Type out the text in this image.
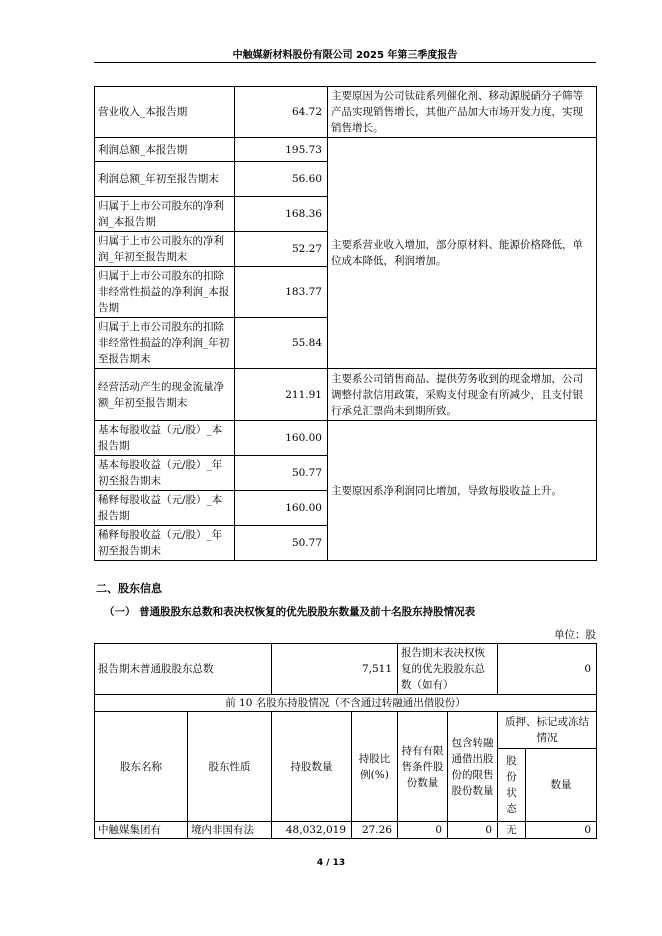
中触媒新材料股份有限公司 2025 年第三季度报告
营业收入_本报告期	64.72	主要原因为公司钛硅系列催化剂、移动源脱硝分子筛等产品实现销售增长，其他产品加大市场开发力度，实现销售增长。
利润总额_本报告期	195.73	主要系营业收入增加，部分原材料、能源价格降低，单位成本降低，利润增加。
利润总额_年初至报告期末	56.60	
归属于上市公司股东的净利润_本报告期	168.36	
归属于上市公司股东的净利润_年初至报告期末	52.27	
归属于上市公司股东的扣除非经常性损益的净利润_本报告期	183.77	
归属于上市公司股东的扣除非经常性损益的净利润_年初至报告期末	55.84	
经营活动产生的现金流量净额_年初至报告期末	211.91	主要系公司销售商品、提供劳务收到的现金增加，公司调整付款信用政策，采购支付现金有所减少，且支付银行承兑汇票尚未到期所致。
基本每股收益（元/股）_本报告期	160.00	主要原因系净利润同比增加，导致每股收益上升。
基本每股收益（元/股）_年初至报告期末	50.77	
稀释每股收益（元/股）_本报告期	160.00	
稀释每股收益（元/股）_年初至报告期末	50.77	
二、股东信息
（一） 普通股股东总数和表决权恢复的优先股股东数量及前十名股东持股情况表
单位：股
报告期末普通股股东总数		7,511		报告期末表决权恢复的优先股股东总数（如有）		0	
前 10 名股东持股情况（不含通过转融通出借股份）							
股东名称	股东性质	持股数量	持股比例(%)	持有有限售条件股份数量	包含转融通借出股份的限售股份数量	质押、标记或冻结情况	
						股份状态	数量
中触媒集团有	境内非国有法	48,032,019	27.26	0	0	无	0
4 / 13
